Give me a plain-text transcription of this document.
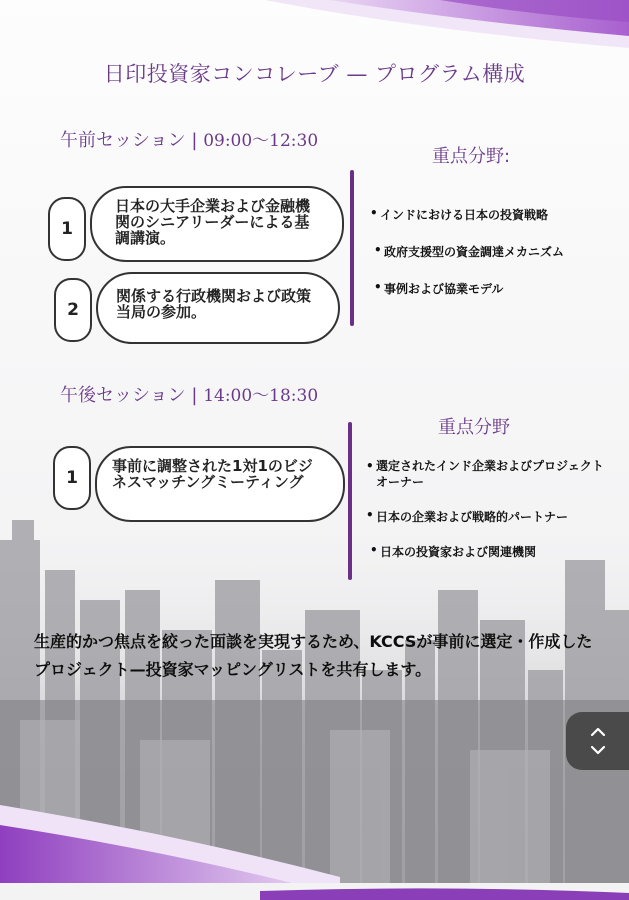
日印投資家コンコレーブ — プログラム構成
午前セッション | 09:00〜12:30
重点分野:
1
日本の大手企業および金融機関のシニアリーダーによる基調講演。
2
関係する行政機関および政策当局の参加。
• インドにおける日本の投資戦略
• 政府支援型の資金調達メカニズム
• 事例および協業モデル
午後セッション | 14:00〜18:30
重点分野
1
事前に調整された1対1のビジネスマッチングミーティング
• 選定されたインド企業およびプロジェクトオーナー
• 日本の企業および戦略的パートナー
• 日本の投資家および関連機関
生産的かつ焦点を絞った面談を実現するため、KCCSが事前に選定・作成したプロジェクト—投資家マッピングリストを共有します。
